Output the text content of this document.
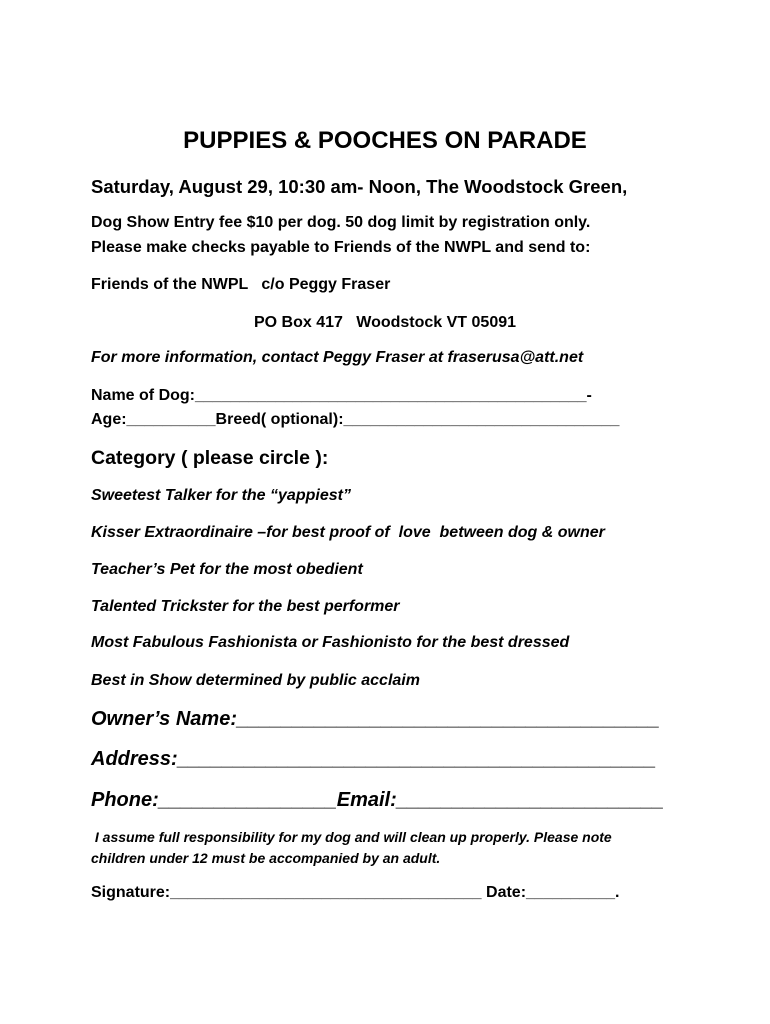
PUPPIES & POOCHES ON PARADE
Saturday, August 29, 10:30 am- Noon, The Woodstock Green,
Dog Show Entry fee $10 per dog. 50 dog limit by registration only.
Please make checks payable to Friends of the NWPL and send to:
Friends of the NWPL   c/o Peggy Fraser
PO Box 417   Woodstock VT 05091
For more information, contact Peggy Fraser at fraserusa@att.net
Name of Dog:____________________________________________-
Age:__________Breed( optional):_______________________________
Category ( please circle ):
Sweetest Talker for the “yappiest”
Kisser Extraordinaire –for best proof of  love  between dog & owner
Teacher’s Pet for the most obedient
Talented Trickster for the best performer
Most Fabulous Fashionista or Fashionisto for the best dressed
Best in Show determined by public acclaim
Owner’s Name:______________________________________
Address:___________________________________________
Phone:________________Email:________________________
I assume full responsibility for my dog and will clean up properly. Please note
children under 12 must be accompanied by an adult.
Signature:___________________________________ Date:__________.
